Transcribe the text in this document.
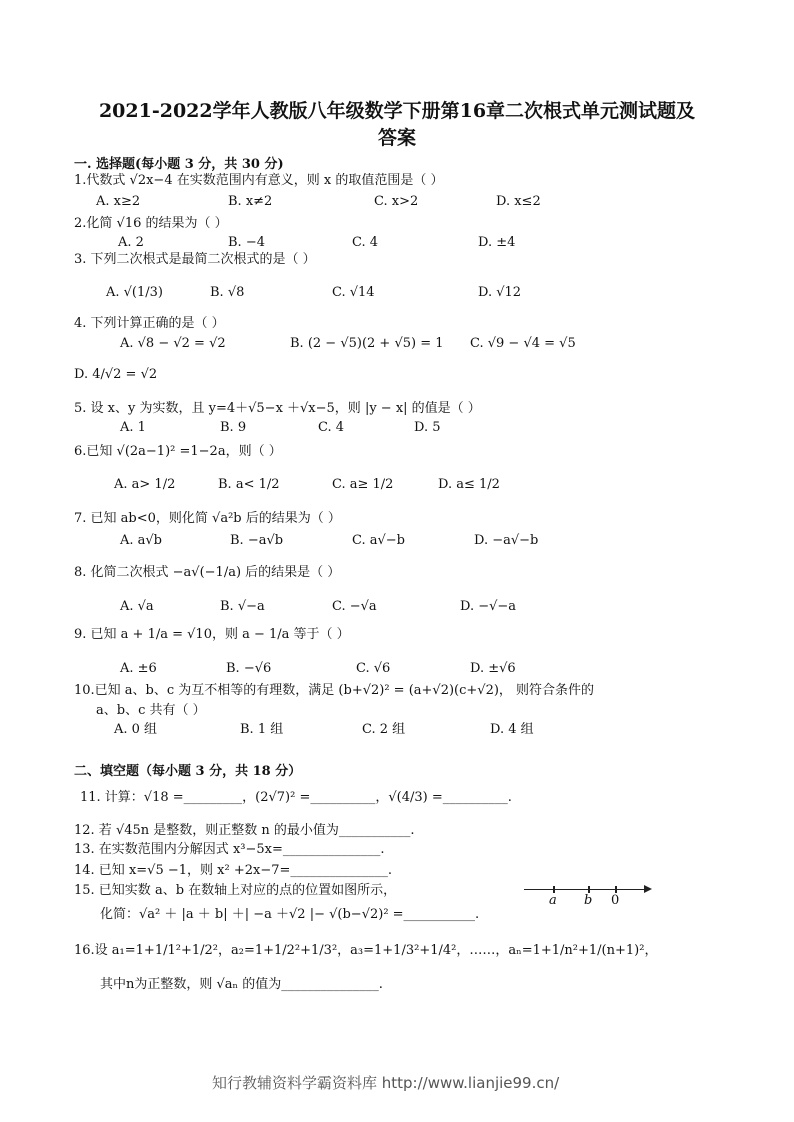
2021-2022学年人教版八年级数学下册第16章二次根式单元测试题及
答案
一. 选择题(每小题 3 分，共 30 分)
1.代数式 √2x−4 在实数范围内有意义，则 x 的取值范围是（ ）
A. x≥2	B. x≠2	C. x>2	D. x≤2
2.化简 √16 的结果为（ ）
A. 2	B. −4	C. 4	D. ±4
3. 下列二次根式是最简二次根式的是（ ）
A. √(1/3)	B. √8	C. √14	D. √12
4. 下列计算正确的是（ ）
A. √8 − √2 = √2	B. (2 − √5)(2 + √5) = 1 C. √9 − √4 = √5
D. 4/√2 = √2
5. 设 x、y 为实数，且 y=4＋√5−x ＋√x−5，则 |y − x| 的值是（ ）
A. 1	B. 9	C. 4	D. 5
6.已知 √(2a−1)² =1−2a，则（ ）
A. a> 1/2	B. a< 1/2	C. a≥ 1/2	D. a≤ 1/2
7. 已知 ab<0，则化简 √a²b 后的结果为（ ）
A. a√b	B. −a√b	C. a√−b	D. −a√−b
8. 化简二次根式 −a√(−1/a) 后的结果是（ ）
A. √a	B. √−a	C. −√a	D. −√−a
9. 已知 a + 1/a = √10，则 a − 1/a 等于（ ）
A. ±6	B. −√6	C. √6	D. ±√6
10.已知 a、b、c 为互不相等的有理数，满足 (b+√2)² = (a+√2)(c+√2)， 则符合条件的
a、b、c 共有（ ）
A. 0 组	B. 1 组	C. 2 组	D. 4 组
二、填空题（每小题 3 分，共 18 分）
11. 计算：√18 =_________，(2√7)² =__________，√(4/3) =__________.
12. 若 √45n 是整数，则正整数 n 的最小值为___________.
13. 在实数范围内分解因式 x³−5x=_______________.
14. 已知 x=√5 −1，则 x² +2x−7=_______________.
15. 已知实数 a、b 在数轴上对应的点的位置如图所示，
化简：√a² ＋ |a ＋ b| ＋| −a ＋√2 |− √(b−√2)² =___________.
a b 0
16.设 a₁=1+1/1²+1/2²，a₂=1+1/2²+1/3²，a₃=1+1/3²+1/4²，……，aₙ=1+1/n²+1/(n+1)²，
其中n为正整数，则 √aₙ 的值为_______________.
知行教辅资料学霸资料库 http://www.lianjie99.cn/
